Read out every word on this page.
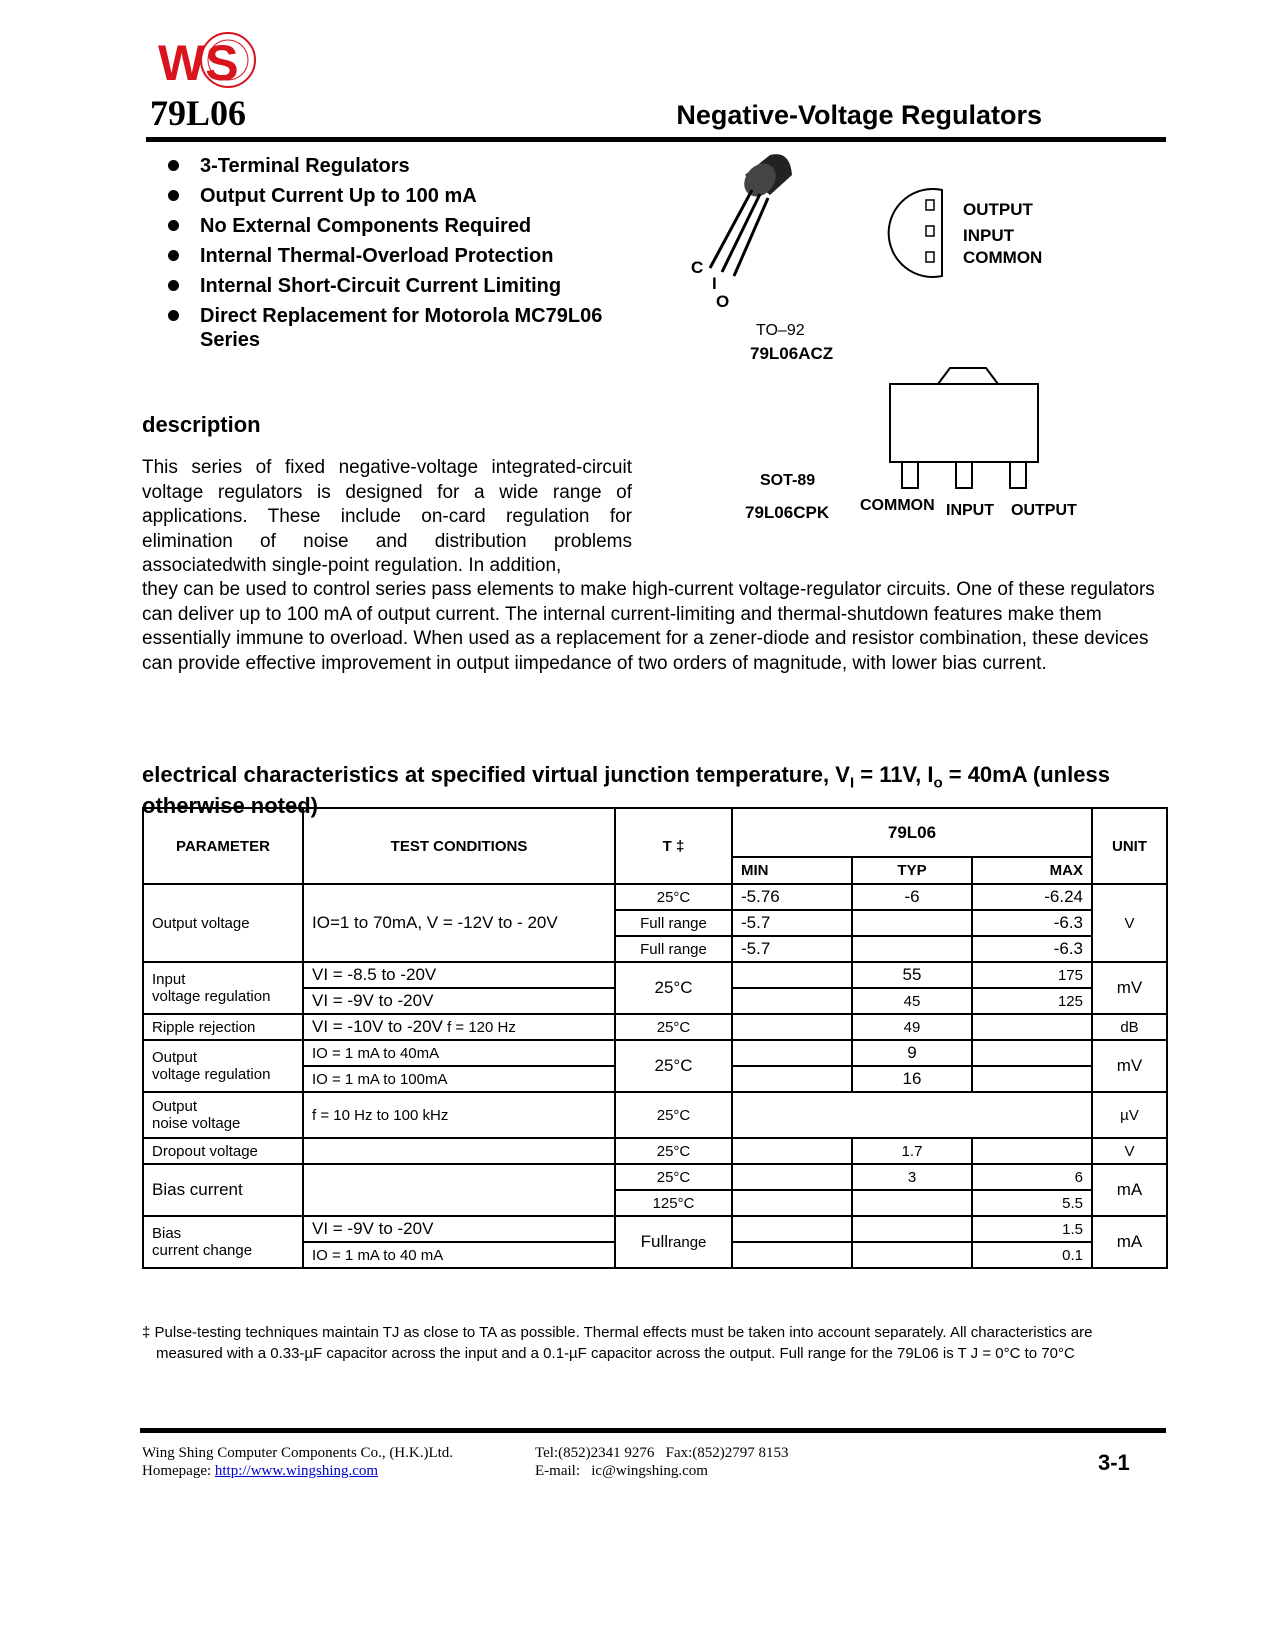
WS
79L06	Negative-Voltage Regulators
3-Terminal Regulators
Output Current Up to 100 mA
No External Components Required
Internal Thermal-Overload Protection
Internal Short-Circuit Current Limiting
Direct Replacement for Motorola MC79L06 Series
C
I
O
TO–92
79L06ACZ
OUTPUT
INPUT
COMMON
SOT-89
79L06CPK COMMON INPUT OUTPUT
description

This series of fixed negative-voltage integrated-circuit voltage regulators is designed for a wide range of applications. These include on-card regulation for elimination of noise and distribution problems associatedwith single-point regulation. In addition,

they can be used to control series pass elements to make high-current voltage-regulator circuits. One of these regulators can deliver up to 100 mA of output current. The internal current-limiting and thermal-shutdown features make them essentially immune to overload. When used as a replacement for a zener-diode and resistor combination, these devices can provide effective improvement in output iimpedance of two orders of magnitude, with lower bias current.

electrical characteristics at specified virtual junction temperature, $V_I = 11V$, $I_o = 40mA$ (unless otherwise noted)
PARAMETER	TEST CONDITIONS	T ‡	79L06			UNIT
			MIN	TYP	MAX	
Output voltage	IO=1 to 70mA, V = -12V to - 20V	25°C	-5.76	-6	-6.24	V
		Full range	-5.7		-6.3	
		Full range	-5.7		-6.3	

Input
voltage regulation	VI = -8.5 to -20V	25°C		55	175	mV
	VI = -9V to -20V			45	125	
Ripple rejection	VI = -10V to -20V f = 120 Hz	25°C		49		dB

Output
voltage regulation	IO = 1 mA to 40mA	25°C		9		mV
	IO = 1 mA to 100mA			16		

Output
noise voltage	f = 10 Hz to 100 kHz	25°C				µV
Dropout voltage		25°C		1.7		V
Bias current		25°C		3	6	mA
		125°C			5.5	

Bias
current change	VI = -9V to -20V	Fullrange			1.5	mA
	IO = 1 mA to 40 mA				0.1	
‡ Pulse-testing techniques maintain TJ as close to TA as possible. Thermal effects must be taken into account separately. All characteristics are
measured with a 0.33-µF capacitor across the input and a 0.1-µF capacitor across the output. Full range for the 79L06 is T J = 0°C to 70°C
Wing Shing Computer Components Co., (H.K.)Ltd.
Homepage: http://www.wingshing.com
Tel:(852)2341 9276 Fax:(852)2797 8153
E-mail: ic@wingshing.com	3-1
